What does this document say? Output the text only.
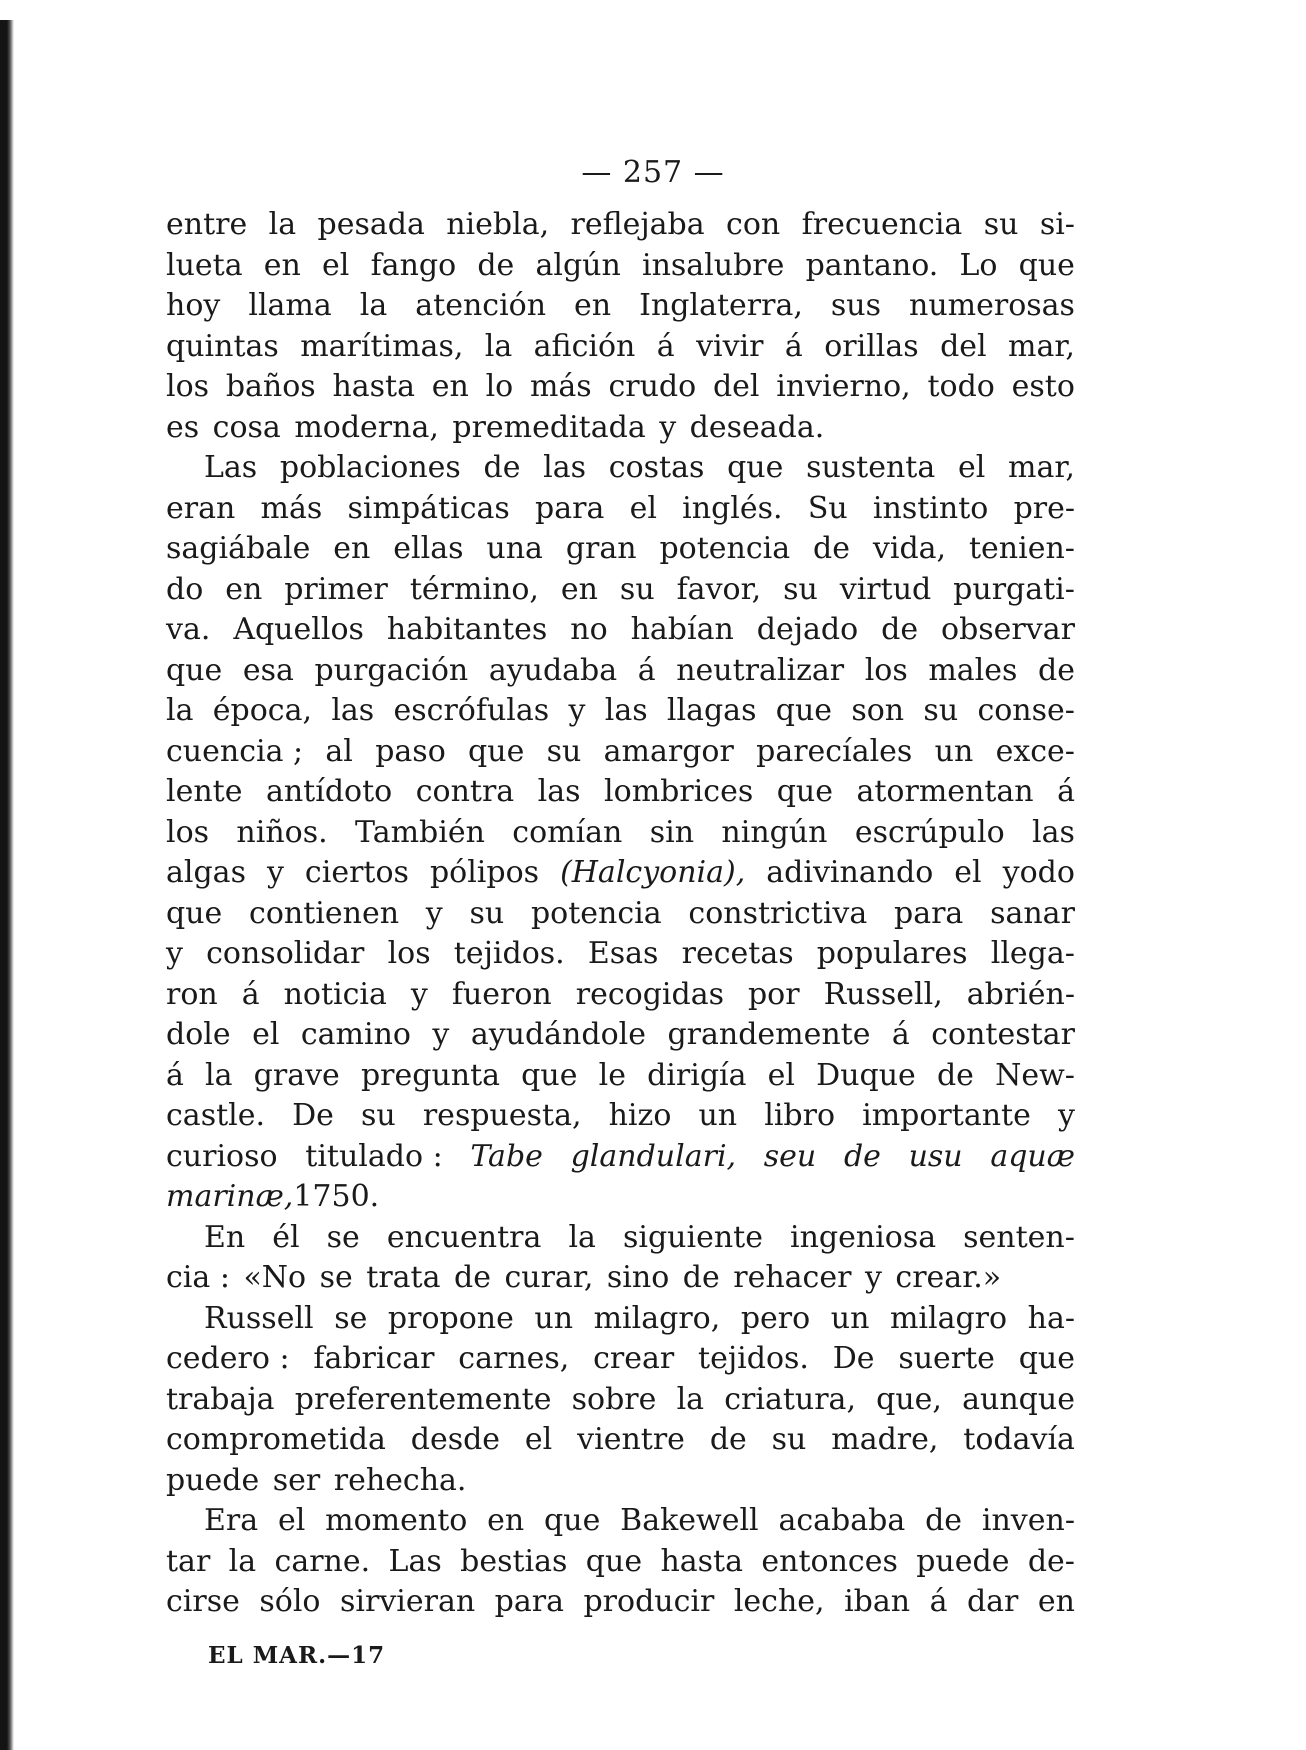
— 257 —
entre la pesada niebla, reflejaba con frecuencia su si-
lueta en el fango de algún insalubre pantano. Lo que
hoy llama la atención en Inglaterra, sus numerosas
quintas marítimas, la afición á vivir á orillas del mar,
los baños hasta en lo más crudo del invierno, todo esto
es cosa moderna, premeditada y deseada.
Las poblaciones de las costas que sustenta el mar,
eran más simpáticas para el inglés. Su instinto pre-
sagiábale en ellas una gran potencia de vida, tenien-
do en primer término, en su favor, su virtud purgati-
va. Aquellos habitantes no habían dejado de observar
que esa purgación ayudaba á neutralizar los males de
la época, las escrófulas y las llagas que son su conse-
cuencia ; al paso que su amargor parecíales un exce-
lente antídoto contra las lombrices que atormentan á
los niños. También comían sin ningún escrúpulo las
algas y ciertos pólipos (Halcyonia), adivinando el yodo
que contienen y su potencia constrictiva para sanar
y consolidar los tejidos. Esas recetas populares llega-
ron á noticia y fueron recogidas por Russell, abrién-
dole el camino y ayudándole grandemente á contestar
á la grave pregunta que le dirigía el Duque de New-
castle. De su respuesta, hizo un libro importante y
curioso titulado : Tabe glandulari, seu de usu aquæ
marinæ, 1750.
En él se encuentra la siguiente ingeniosa senten-
cia : «No se trata de curar, sino de rehacer y crear.»
Russell se propone un milagro, pero un milagro ha-
cedero : fabricar carnes, crear tejidos. De suerte que
trabaja preferentemente sobre la criatura, que, aunque
comprometida desde el vientre de su madre, todavía
puede ser rehecha.
Era el momento en que Bakewell acababa de inven-
tar la carne. Las bestias que hasta entonces puede de-
cirse sólo sirvieran para producir leche, iban á dar en
EL MAR.—17
